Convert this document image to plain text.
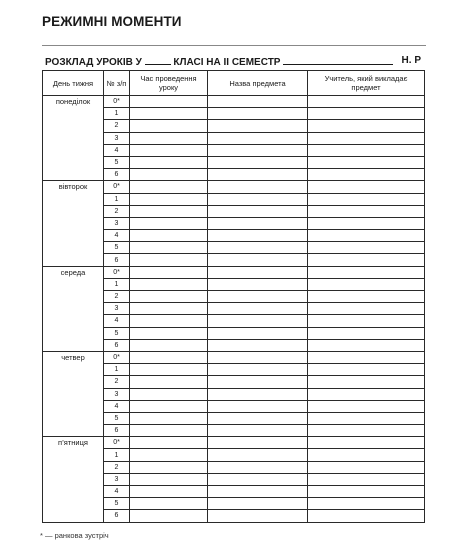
РЕЖИМНІ МОМЕНТИ
РОЗКЛАД УРОКІВ У	КЛАСІ НА ІІ СЕМЕСТР	Н. Р
День тижня	№ з/п	Час проведення уроку	Назва предмета	Учитель, який викладає предмет
понеділок	0*			
	1			
	2			
	3			
	4			
	5			
	6			
вівторок	0*			
	1			
	2			
	3			
	4			
	5			
	6			
середа	0*			
	1			
	2			
	3			
	4			
	5			
	6			
четвер	0*			
	1			
	2			
	3			
	4			
	5			
	6			
п’ятниця	0*			
	1			
	2			
	3			
	4			
	5			
	6			
* — ранкова зустріч
